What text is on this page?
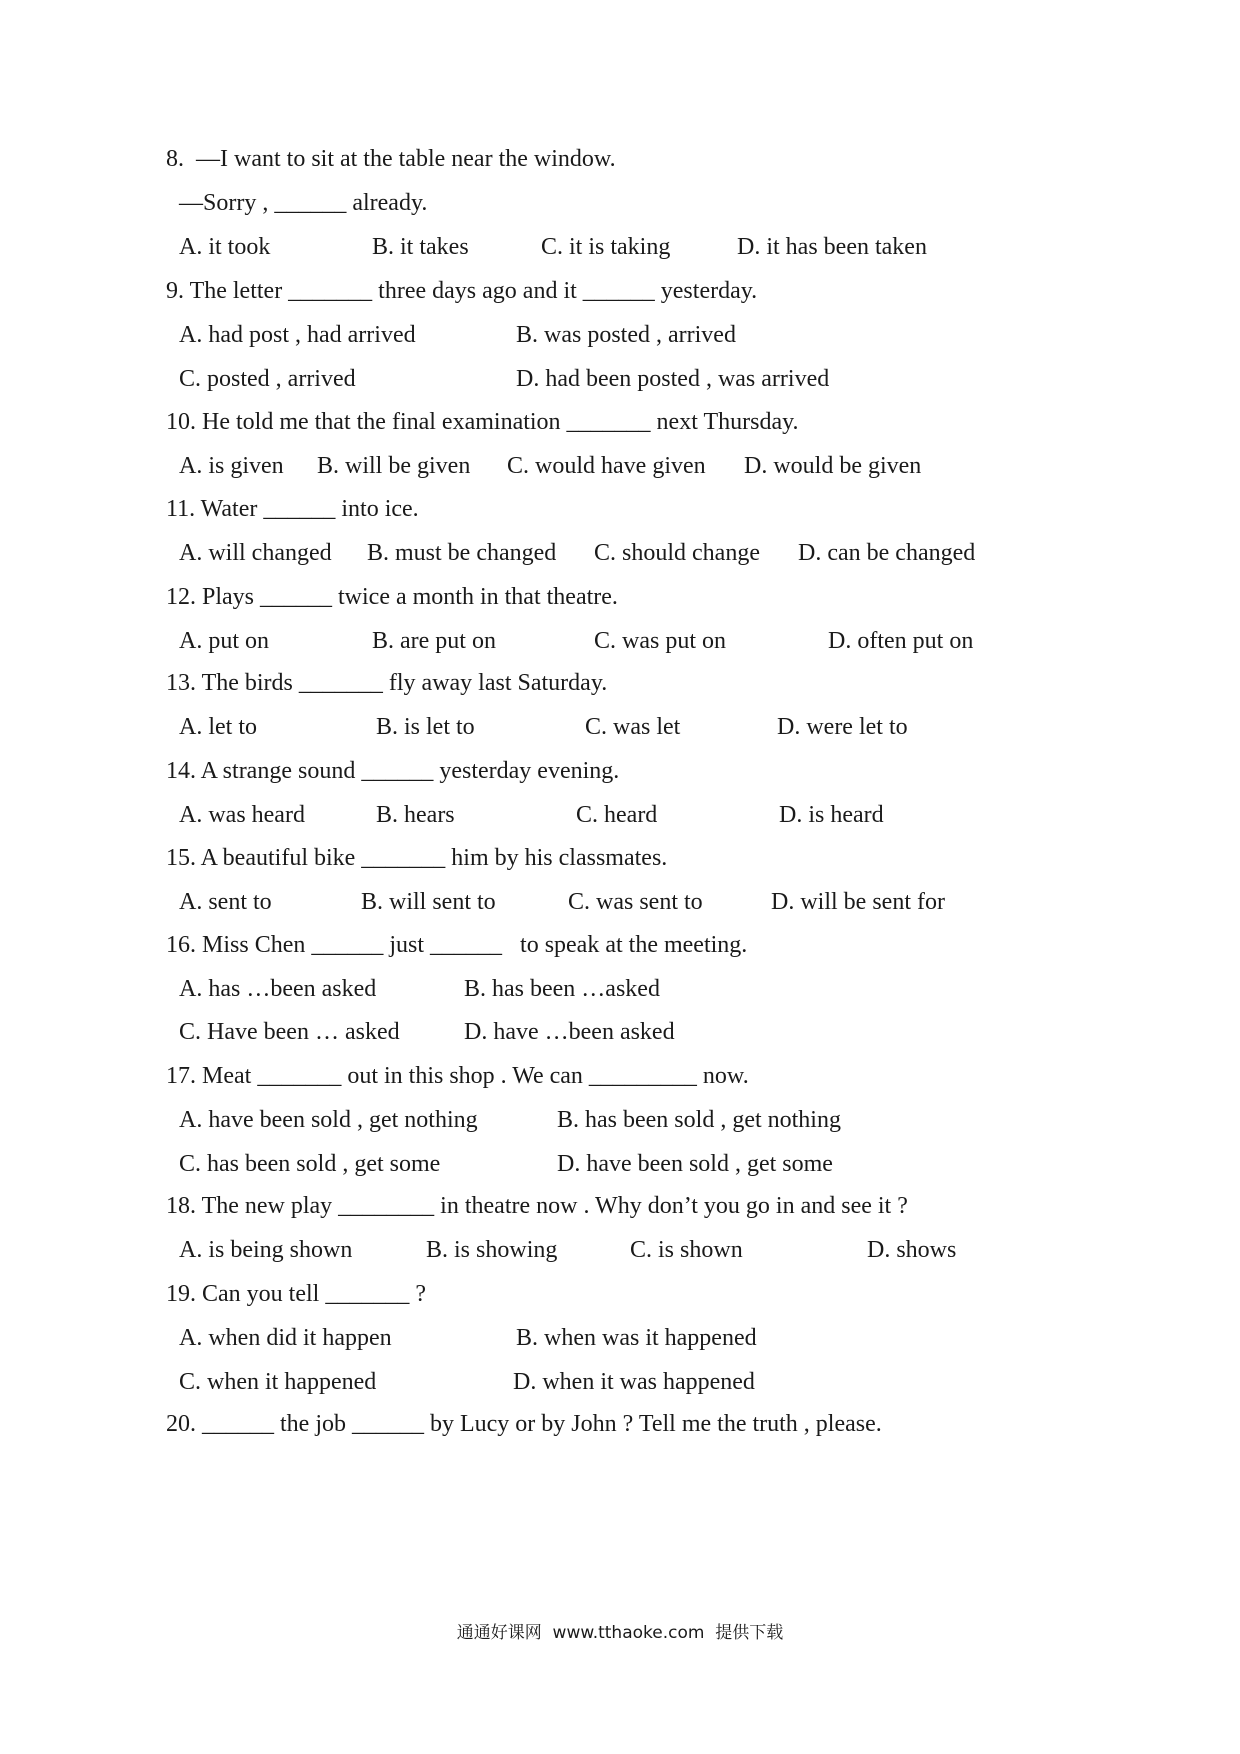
8.  —I want to sit at the table near the window.
—Sorry , ______ already.
A. it took	B. it takes	C. it is taking	D. it has been taken
9. The letter _______ three days ago and it ______ yesterday.
A. had post , had arrived	B. was posted , arrived
C. posted , arrived	D. had been posted , was arrived
10. He told me that the final examination _______ next Thursday.
A. is given B. will be given C. would have given D. would be given
11. Water ______ into ice.
A. will changed B. must be changed C. should change D. can be changed
12. Plays ______ twice a month in that theatre.
A. put on	B. are put on	C. was put on	D. often put on
13. The birds _______ fly away last Saturday.
A. let to	B. is let to	C. was let	D. were let to
14. A strange sound ______ yesterday evening.
A. was heard	B. hears	C. heard	D. is heard
15. A beautiful bike _______ him by his classmates.
A. sent to	B. will sent to	C. was sent to	D. will be sent for
16. Miss Chen ______ just ______   to speak at the meeting.
A. has …been asked	B. has been …asked
C. Have been … asked	D. have …been asked
17. Meat _______ out in this shop . We can _________ now.
A. have been sold , get nothing	B. has been sold , get nothing
C. has been sold , get some	D. have been sold , get some
18. The new play ________ in theatre now . Why don’t you go in and see it ?
A. is being shown	B. is showing	C. is shown	D. shows
19. Can you tell _______ ?
A. when did it happen	B. when was it happened
C. when it happened	D. when it was happened
20. ______ the job ______ by Lucy or by John ? Tell me the truth , please.
通通好课网  www.tthaoke.com  提供下载
